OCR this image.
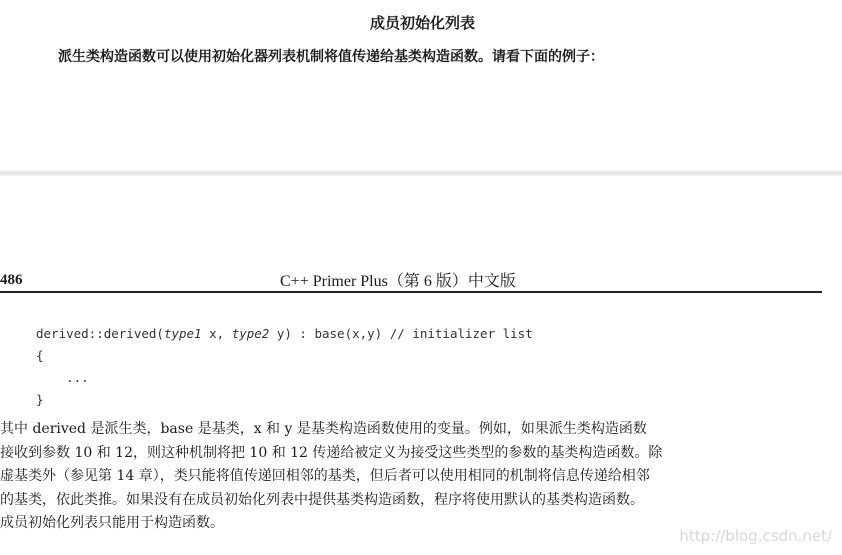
成员初始化列表
派生类构造函数可以使用初始化器列表机制将值传递给基类构造函数。请看下面的例子：
486	C++ Primer Plus（第 6 版）中文版
derived::derived(type1 x, type2 y) : base(x,y) // initializer list
{
...
}

其中 derived 是派生类，base 是基类，x 和 y 是基类构造函数使用的变量。例如，如果派生类构造函数

接收到参数 10 和 12，则这种机制将把 10 和 12 传递给被定义为接受这些类型的参数的基类构造函数。除

虚基类外（参见第 14 章），类只能将值传递回相邻的基类，但后者可以使用相同的机制将信息传递给相邻

的基类，依此类推。如果没有在成员初始化列表中提供基类构造函数，程序将使用默认的基类构造函数。

成员初始化列表只能用于构造函数。

http://blog.csdn.net/
